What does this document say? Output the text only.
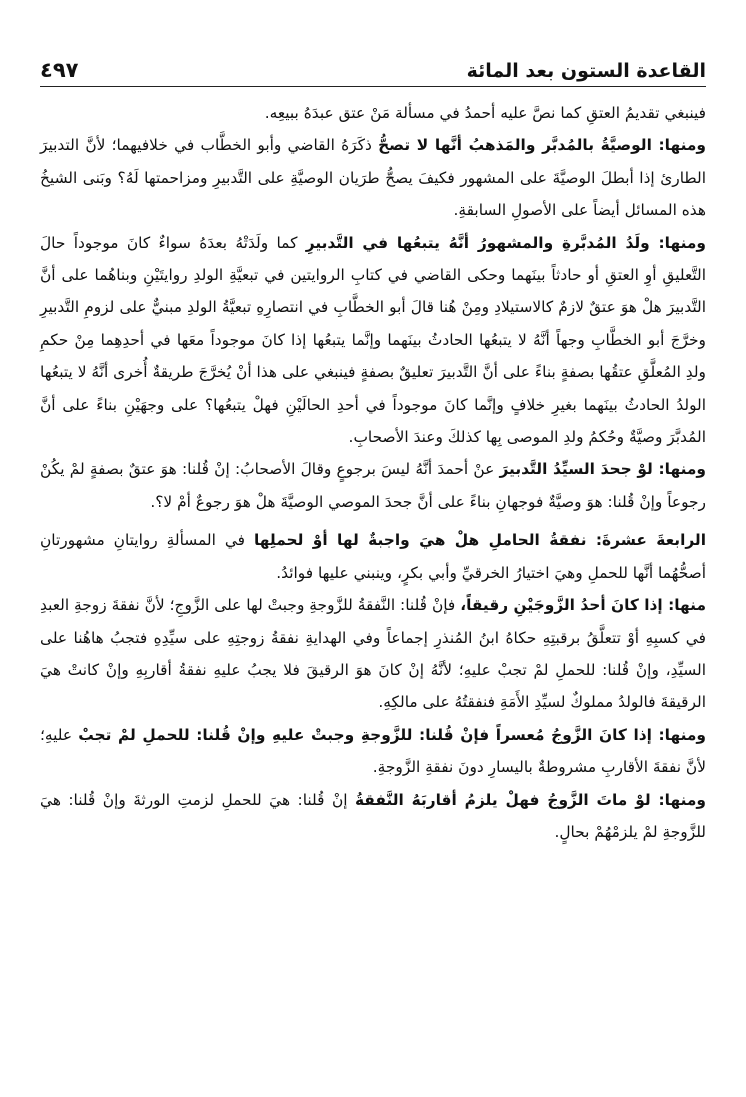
القاعدة الستون بعد المائة
٤٩٧

فينبغي تقديمُ العتقِ كما نصَّ عليه أحمدُ في مسألة مَنْ عتق عبدَهُ ببيعِه.

ومنها: الوصيَّةُ بالمُدبَّر والمَذهبُ أنَّها لا تصحُّ ذكَرَهُ القاضي وأبو الخطَّاب في خلافيهما؛ لأنَّ التدبيرَ الطارئ إذا أبطلَ الوصيَّةَ على المشهور فكيفَ يصحُّ طرَيان الوصيَّةِ على التَّدبيرِ ومزاحمتها لَهُ؟ وبَنى الشيخُ هذه المسائل أيضاً على الأصولِ السابقةِ.

ومنها: ولَدُ المُدبَّرةِ والمشهورُ أنَّهُ يتبعُها في التَّدبيرِ كما ولَدَتْهُ بعدَهُ سواءٌ كانَ موجوداً حالَ التَّعليقِ أوِ العتقِ أو حادثاً بينَهما وحكى القاضي في كتابِ الروايتين في تبعيَّةِ الولدِ روايتَيْنِ وبناهُما على أنَّ التَّدبيرَ هلْ هوَ عتقٌ لازمٌ كالاستيلادِ ومِنْ هُنا قالَ أبو الخطَّابِ في انتصارِهِ تبعيَّةُ الولدِ مبنيٌّ على لزومِ التَّدبيرِ وخرَّجَ أبو الخطَّابِ وجهاً أنَّهُ لا يتبعُها الحادثُ بينَهما وإنَّما يتبعُها إذا كانَ موجوداً معَها في أحدِهِما مِنْ حكمِ ولدِ المُعلَّقِ عتقُها بصفةٍ بناءً على أنَّ التَّدبيرَ تعليقٌ بصفةٍ فينبغي على هذا أنْ يُخرَّجَ طريقةٌ أُخرى أنَّهُ لا يتبعُها الولدُ الحادثُ بينَهما بغيرِ خلافٍ وإنَّما كانَ موجوداً في أحدِ الحالَيْنِ فهلْ يتبعُها؟ على وجهَيْنِ بناءً على أنَّ المُدبَّرَ وصيَّةٌ وحُكمُ ولدِ الموصى بِها كذلكَ وعندَ الأصحابِ.

ومنها: لوْ جحدَ السيِّدُ التَّدبيرَ عنْ أحمدَ أنَّهُ ليسَ برجوعٍ وقالَ الأصحابُ: إنْ قُلنا: هوَ عتقٌ بصفةٍ لمْ يكُنْ رجوعاً وإنْ قُلنا: هوَ وصيَّةٌ فوجهانِ بناءً على أنَّ جحدَ الموصي الوصيَّةَ هلْ هوَ رجوعٌ أمْ لا؟.

الرابعةَ عشرةَ: نفقةُ الحاملِ هلْ هيَ واجبةٌ لها أوْ لحملِها في المسألةِ روايتانِ مشهورتانِ أصحُّهُما أنَّها للحملِ وهيَ اختيارُ الخرقيِّ وأبي بكرٍ، وينبني عليها فوائدُ.

منها: إذا كانَ أحدُ الزَّوجَيْنِ رقيقاً، فإنْ قُلنا: النَّفقةُ للزَّوجةِ وجبتْ لها على الزَّوجِ؛ لأنَّ نفقةَ زوجةِ العبدِ في كسبِهِ أوْ تتعلَّقُ برقبتِهِ حكاهُ ابنُ المُنذرِ إجماعاً وفي الهدايةِ نفقةُ زوجتِهِ على سيِّدِهِ فتجبُ هاهُنا على السيِّدِ، وإنْ قُلنا: للحملِ لمْ تجبْ عليهِ؛ لأنَّهُ إنْ كانَ هوَ الرقيقَ فلا يجبُ عليهِ نفقةُ أقاربِهِ وإنْ كانتْ هيَ الرقيقةَ فالولدُ مملوكٌ لسيِّدِ الأَمَةِ فنفقتُهُ على مالكِهِ.

ومنها: إذا كانَ الزَّوجُ مُعسراً فإنْ قُلنا: للزَّوجةِ وجبتْ عليهِ وإنْ قُلنا: للحملِ لمْ تجبْ عليهِ؛ لأنَّ نفقةَ الأقاربِ مشروطةٌ باليسارِ دونَ نفقةِ الزَّوجةِ.

ومنها: لوْ ماتَ الزَّوجُ فهلْ يلزمُ أقاربَهُ النَّفقةُ إنْ قُلنا: هيَ للحملِ لزمتِ الورثةَ وإنْ قُلنا: هيَ للزَّوجةِ لمْ يلزمْهُمْ بحالٍ.
